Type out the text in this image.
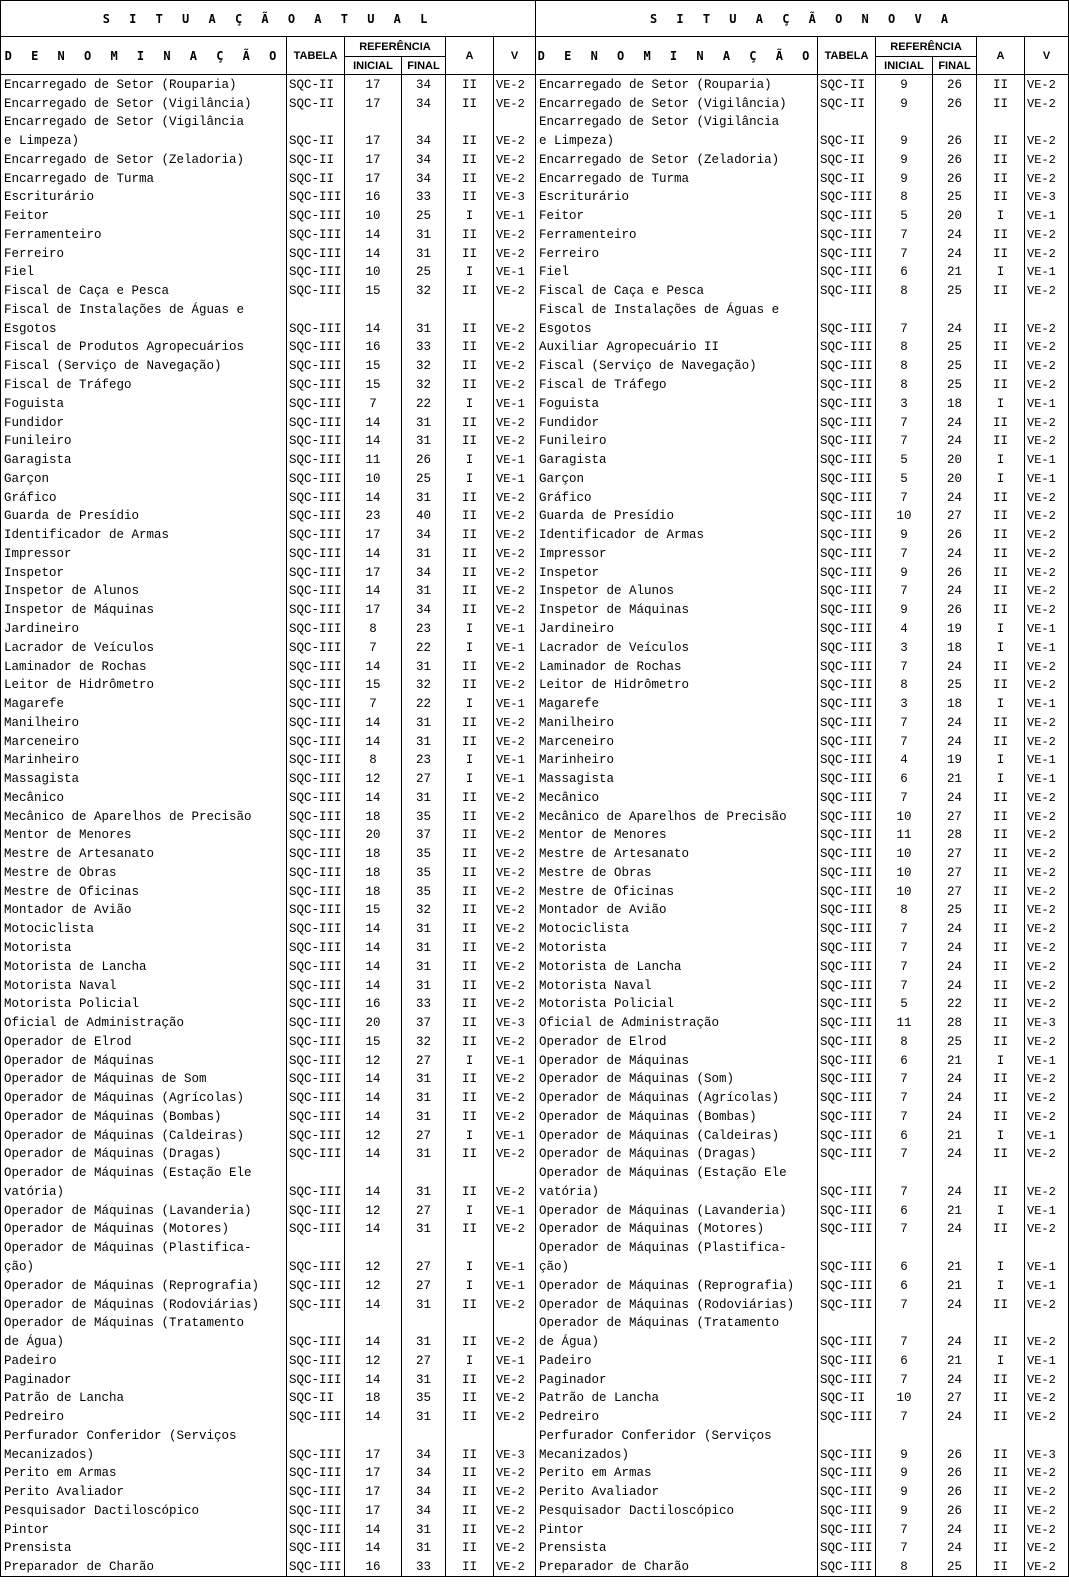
S I T U A Ç Ã O A T U A L						S I T U A Ç Ã O N O V A					
D E N O M I N A Ç Ã O	TABELA	REFERÊNCIA		A	V	D E N O M I N A Ç Ã O	TABELA	REFERÊNCIA		A	V
		INICIAL	FINAL					INICIAL	FINAL		
Encarregado de Setor (Rouparia)	SQC-II	17	34	II	VE-2	Encarregado de Setor (Rouparia)	SQC-II	9	26	II	VE-2
Encarregado de Setor (Vigilância)	SQC-II	17	34	II	VE-2	Encarregado de Setor (Vigilância)	SQC-II	9	26	II	VE-2
Encarregado de Setor (Vigilância						Encarregado de Setor (Vigilância					
e Limpeza)	SQC-II	17	34	II	VE-2	e Limpeza)	SQC-II	9	26	II	VE-2
Encarregado de Setor (Zeladoria)	SQC-II	17	34	II	VE-2	Encarregado de Setor (Zeladoria)	SQC-II	9	26	II	VE-2
Encarregado de Turma	SQC-II	17	34	II	VE-2	Encarregado de Turma	SQC-II	9	26	II	VE-2
Escriturário	SQC-III	16	33	II	VE-3	Escriturário	SQC-III	8	25	II	VE-3
Feitor	SQC-III	10	25	I	VE-1	Feitor	SQC-III	5	20	I	VE-1
Ferramenteiro	SQC-III	14	31	II	VE-2	Ferramenteiro	SQC-III	7	24	II	VE-2
Ferreiro	SQC-III	14	31	II	VE-2	Ferreiro	SQC-III	7	24	II	VE-2
Fiel	SQC-III	10	25	I	VE-1	Fiel	SQC-III	6	21	I	VE-1
Fiscal de Caça e Pesca	SQC-III	15	32	II	VE-2	Fiscal de Caça e Pesca	SQC-III	8	25	II	VE-2
Fiscal de Instalações de Águas e						Fiscal de Instalações de Águas e					
Esgotos	SQC-III	14	31	II	VE-2	Esgotos	SQC-III	7	24	II	VE-2
Fiscal de Produtos Agropecuários	SQC-III	16	33	II	VE-2	Auxiliar Agropecuário II	SQC-III	8	25	II	VE-2
Fiscal (Serviço de Navegação)	SQC-III	15	32	II	VE-2	Fiscal (Serviço de Navegação)	SQC-III	8	25	II	VE-2
Fiscal de Tráfego	SQC-III	15	32	II	VE-2	Fiscal de Tráfego	SQC-III	8	25	II	VE-2
Foguista	SQC-III	7	22	I	VE-1	Foguista	SQC-III	3	18	I	VE-1
Fundidor	SQC-III	14	31	II	VE-2	Fundidor	SQC-III	7	24	II	VE-2
Funileiro	SQC-III	14	31	II	VE-2	Funileiro	SQC-III	7	24	II	VE-2
Garagista	SQC-III	11	26	I	VE-1	Garagista	SQC-III	5	20	I	VE-1
Garçon	SQC-III	10	25	I	VE-1	Garçon	SQC-III	5	20	I	VE-1
Gráfico	SQC-III	14	31	II	VE-2	Gráfico	SQC-III	7	24	II	VE-2
Guarda de Presídio	SQC-III	23	40	II	VE-2	Guarda de Presídio	SQC-III	10	27	II	VE-2
Identificador de Armas	SQC-III	17	34	II	VE-2	Identificador de Armas	SQC-III	9	26	II	VE-2
Impressor	SQC-III	14	31	II	VE-2	Impressor	SQC-III	7	24	II	VE-2
Inspetor	SQC-III	17	34	II	VE-2	Inspetor	SQC-III	9	26	II	VE-2
Inspetor de Alunos	SQC-III	14	31	II	VE-2	Inspetor de Alunos	SQC-III	7	24	II	VE-2
Inspetor de Máquinas	SQC-III	17	34	II	VE-2	Inspetor de Máquinas	SQC-III	9	26	II	VE-2
Jardineiro	SQC-III	8	23	I	VE-1	Jardineiro	SQC-III	4	19	I	VE-1
Lacrador de Veículos	SQC-III	7	22	I	VE-1	Lacrador de Veículos	SQC-III	3	18	I	VE-1
Laminador de Rochas	SQC-III	14	31	II	VE-2	Laminador de Rochas	SQC-III	7	24	II	VE-2
Leitor de Hidrômetro	SQC-III	15	32	II	VE-2	Leitor de Hidrômetro	SQC-III	8	25	II	VE-2
Magarefe	SQC-III	7	22	I	VE-1	Magarefe	SQC-III	3	18	I	VE-1
Manilheiro	SQC-III	14	31	II	VE-2	Manilheiro	SQC-III	7	24	II	VE-2
Marceneiro	SQC-III	14	31	II	VE-2	Marceneiro	SQC-III	7	24	II	VE-2
Marinheiro	SQC-III	8	23	I	VE-1	Marinheiro	SQC-III	4	19	I	VE-1
Massagista	SQC-III	12	27	I	VE-1	Massagista	SQC-III	6	21	I	VE-1
Mecânico	SQC-III	14	31	II	VE-2	Mecânico	SQC-III	7	24	II	VE-2
Mecânico de Aparelhos de Precisão	SQC-III	18	35	II	VE-2	Mecânico de Aparelhos de Precisão	SQC-III	10	27	II	VE-2
Mentor de Menores	SQC-III	20	37	II	VE-2	Mentor de Menores	SQC-III	11	28	II	VE-2
Mestre de Artesanato	SQC-III	18	35	II	VE-2	Mestre de Artesanato	SQC-III	10	27	II	VE-2
Mestre de Obras	SQC-III	18	35	II	VE-2	Mestre de Obras	SQC-III	10	27	II	VE-2
Mestre de Oficinas	SQC-III	18	35	II	VE-2	Mestre de Oficinas	SQC-III	10	27	II	VE-2
Montador de Avião	SQC-III	15	32	II	VE-2	Montador de Avião	SQC-III	8	25	II	VE-2
Motociclista	SQC-III	14	31	II	VE-2	Motociclista	SQC-III	7	24	II	VE-2
Motorista	SQC-III	14	31	II	VE-2	Motorista	SQC-III	7	24	II	VE-2
Motorista de Lancha	SQC-III	14	31	II	VE-2	Motorista de Lancha	SQC-III	7	24	II	VE-2
Motorista Naval	SQC-III	14	31	II	VE-2	Motorista Naval	SQC-III	7	24	II	VE-2
Motorista Policial	SQC-III	16	33	II	VE-2	Motorista Policial	SQC-III	5	22	II	VE-2
Oficial de Administração	SQC-III	20	37	II	VE-3	Oficial de Administração	SQC-III	11	28	II	VE-3
Operador de Elrod	SQC-III	15	32	II	VE-2	Operador de Elrod	SQC-III	8	25	II	VE-2
Operador de Máquinas	SQC-III	12	27	I	VE-1	Operador de Máquinas	SQC-III	6	21	I	VE-1
Operador de Máquinas de Som	SQC-III	14	31	II	VE-2	Operador de Máquinas (Som)	SQC-III	7	24	II	VE-2
Operador de Máquinas (Agrícolas)	SQC-III	14	31	II	VE-2	Operador de Máquinas (Agrícolas)	SQC-III	7	24	II	VE-2
Operador de Máquinas (Bombas)	SQC-III	14	31	II	VE-2	Operador de Máquinas (Bombas)	SQC-III	7	24	II	VE-2
Operador de Máquinas (Caldeiras)	SQC-III	12	27	I	VE-1	Operador de Máquinas (Caldeiras)	SQC-III	6	21	I	VE-1
Operador de Máquinas (Dragas)	SQC-III	14	31	II	VE-2	Operador de Máquinas (Dragas)	SQC-III	7	24	II	VE-2
Operador de Máquinas (Estação Ele						Operador de Máquinas (Estação Ele					
vatória)	SQC-III	14	31	II	VE-2	vatória)	SQC-III	7	24	II	VE-2
Operador de Máquinas (Lavanderia)	SQC-III	12	27	I	VE-1	Operador de Máquinas (Lavanderia)	SQC-III	6	21	I	VE-1
Operador de Máquinas (Motores)	SQC-III	14	31	II	VE-2	Operador de Máquinas (Motores)	SQC-III	7	24	II	VE-2
Operador de Máquinas (Plastifica-						Operador de Máquinas (Plastifica-					
ção)	SQC-III	12	27	I	VE-1	ção)	SQC-III	6	21	I	VE-1
Operador de Máquinas (Reprografia)	SQC-III	12	27	I	VE-1	Operador de Máquinas (Reprografia)	SQC-III	6	21	I	VE-1
Operador de Máquinas (Rodoviárias)	SQC-III	14	31	II	VE-2	Operador de Máquinas (Rodoviárias)	SQC-III	7	24	II	VE-2
Operador de Máquinas (Tratamento						Operador de Máquinas (Tratamento					
de Água)	SQC-III	14	31	II	VE-2	de Água)	SQC-III	7	24	II	VE-2
Padeiro	SQC-III	12	27	I	VE-1	Padeiro	SQC-III	6	21	I	VE-1
Paginador	SQC-III	14	31	II	VE-2	Paginador	SQC-III	7	24	II	VE-2
Patrão de Lancha	SQC-II	18	35	II	VE-2	Patrão de Lancha	SQC-II	10	27	II	VE-2
Pedreiro	SQC-III	14	31	II	VE-2	Pedreiro	SQC-III	7	24	II	VE-2
Perfurador Conferidor (Serviços						Perfurador Conferidor (Serviços					
Mecanizados)	SQC-III	17	34	II	VE-3	Mecanizados)	SQC-III	9	26	II	VE-3
Perito em Armas	SQC-III	17	34	II	VE-2	Perito em Armas	SQC-III	9	26	II	VE-2
Perito Avaliador	SQC-III	17	34	II	VE-2	Perito Avaliador	SQC-III	9	26	II	VE-2
Pesquisador Dactiloscópico	SQC-III	17	34	II	VE-2	Pesquisador Dactiloscópico	SQC-III	9	26	II	VE-2
Pintor	SQC-III	14	31	II	VE-2	Pintor	SQC-III	7	24	II	VE-2
Prensista	SQC-III	14	31	II	VE-2	Prensista	SQC-III	7	24	II	VE-2
Preparador de Charão	SQC-III	16	33	II	VE-2	Preparador de Charão	SQC-III	8	25	II	VE-2
